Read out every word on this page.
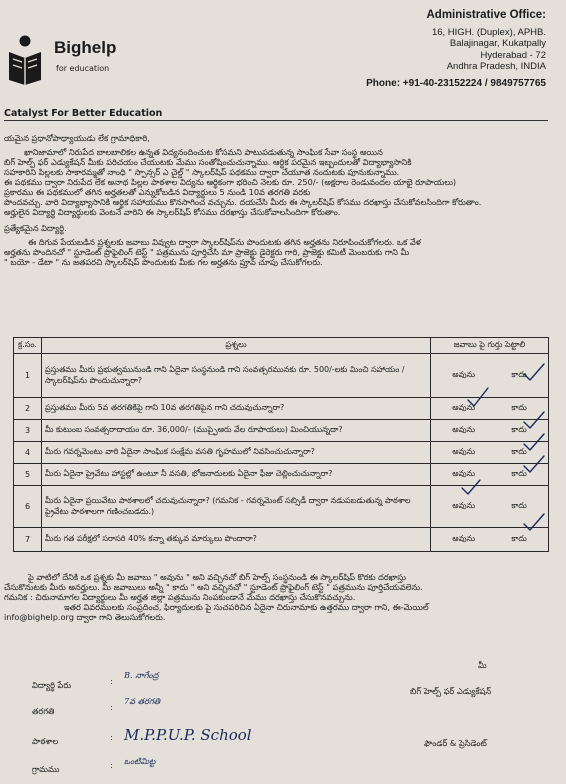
Bighelp
for education
Catalyst For Better Education
Administrative Office:
16, HIGH. (Duplex), APHB.
Balajinagar, Kukatpally
Hyderabad - 72
Andhra Pradesh, INDIA
Phone: +91-40-23152224 / 9849757765

యమైన ప్రధానోపాధ్యాయుడు లేక గ్రామాధికారి,

ఖానిజామాలో నిరుపేద బాలబాలికల ఉన్నత విద్యనందించుట కోసమని పాటుపడుతున్న సాంఘిక సేవా సంస్థ అయిన

బిగ్ హెల్ప్ ఫర్ ఎడ్యుకేషన్ మీకు పరిచయం చేయుటకు మేము సంతోషించుచున్నాము. ఆర్థిక పరమైన ఇబ్బందులతో విద్యాభ్యాసానికి

సహకారిని పిల్లలకు సాకారమ్మతో నాంధి " స్పాన్సర్ ఎ చైల్డ్ " స్కాలర్‌షిప్ పథకము ద్వారా చేయూత నందుటకు పూనుకున్నాము.

ఈ పథకము ద్వారా నిరుపేద లేక అనాథ పిల్లల పాఠశాల విద్యను ఆర్థికంగా భరించి నెలకు రూ. 250/- (అక్షరాల రెండువందల యాభై రూపాయలు)

ప్రకారము ఈ పథకములో తగిన అర్హతలతో ఎన్నుకోబడిన విద్యార్థులు 5 నుండి 10వ తరగతి వరకు

పొందవచ్చు. వారి విద్యాభ్యాసానికి ఆర్థిక సహాయము కొనసాగించ వచ్చును. దయచేసి మీరు ఈ స్కాలర్‌షిప్ కోసము దరఖాస్తు చేసుకోవలసిందిగా కోరుతాం.

అర్హులైన విద్యార్థి విద్యార్థులకు వెంటనే వారిని ఈ స్కాలర్‌షిప్ కోసము దరఖాస్తు చేసుకోవాలసిందిగా కోరుతాం.

ప్రత్యేకమైన విద్యార్థి.

ఈ దిగువ పేయబడిన ప్రశ్నలకు జవాబు వివ్వుట ద్వారా స్కాలర్‌షిప్‌ను పొందుటకు తగిన అర్హతను నిరూపించుకోగలరు. ఒక వేళ

అర్హతను పొందినచో " స్టూడెంట్ ప్రొఫైలింగ్ టెస్ట్ " పత్రమును పూర్తిచేసి మా ప్రాజెక్టు డైరెక్టరు గారి, ప్రాజెక్టు కమిటీ మెంబరుకు గాని మీ

" బయో - డేటా " ను జతపరచి స్కాలర్‌షిప్ పొందుటకు మీకు గల అర్హతను ప్రూవ్ చూపు చేసుకోగలరు.

క్ర.సం.	ప్రశ్నలు	జవాబు పై గుర్తు పెట్టాలి
1	ప్రస్తుతము మీరు ప్రభుత్వమునుండి గాని ఏదైనా సంస్థనుండి గాని సంవత్సరమునకు రూ. 500/-లకు మించి సహాయం / స్కాలర్‌షిప్‌ను పొందుచున్నారా?	అవును కాదు

2	ప్రస్తుతము మీరు 5వ తరగతికిపై గాని 10వ తరగతిపైన గాని చదువుచున్నారా?	అవును కాదు

3	మీ కుటుంబ సంవత్సరాదాయం రూ. 36,000/- (ముప్ఫైఆరు వేల రూపాయలు) మించియున్నదా?	అవును కాదు

4	మీరు గవర్నమెంటు వారి ఏదైనా సాంఘిక సంక్షేమ వసతి గృహములో నివసించుచున్నారా?	అవును కాదు

5	మీరు ఏదైనా ప్రైవేటు హాస్టల్లో ఉంటూ నీ వసతి, భోజనాదులకు ఏదైనా ఫీజు చెల్లించుచున్నారా?	అవును కాదు

6	మీరు ఏదైనా ప్రయివేటు పాఠశాలలో చదువుచున్నారా? (గమనిక - గవర్నమెంట్ సబ్సిడీ ద్వారా నడుపబడుతున్న పాఠశాల ప్రైవేటు పాఠశాలగా గణించబడదు.)	అవును కాదు

7	మీరు గత పరీక్షలో సరాసరి 40% కన్నా తక్కువ మార్కులు పొందారా?	అవును కాదు

పై వాటిలో దేనికి ఒక ప్రశ్నకు మీ జవాబు " అవును " అని వచ్చినచో బిగ్ హెల్ప్ సంస్థనుండి ఈ స్కాలర్‌షిప్ కొరకు దరఖాస్తు

చేసుకొనుటకు మీరు అనర్హులు. మీ జవాబులు అన్నీ " కాదు " అని వచ్చినచో " స్టూడెంట్ ప్రొఫైలింగ్ టెస్ట్ " పత్రమును పూర్తిచేయవలెను.

గమనిక : చిరునామాగల విద్యార్థులు మీ అర్హత జిల్లా పత్రమును నింపకుండానే మేము దరఖాస్తు చేసుకొనవచ్చును.

ఇతర వివరములకు సంప్రదించ, ఫిర్యాదులకు పై సుచపరిచిన ఏదైనా చిరునామాకు ఉత్తరము ద్వారా గాని, ఈ-మెయిల్

info@bighelp.org ద్వారా గాని తెలుసుకోగలరు.

మీ
బిగ్ హెల్ప్ ఫర్ ఎడ్యుకేషన్
ఫౌండర్ & ప్రెసిడెంట్
విద్యార్థి పేరు	:
B. నాగేంద్ర
తరగతి	:
7వ తరగతి
పాఠశాల	: M.P.P.U.P. School
గ్రామము	: ఒంటిమిట్ట
